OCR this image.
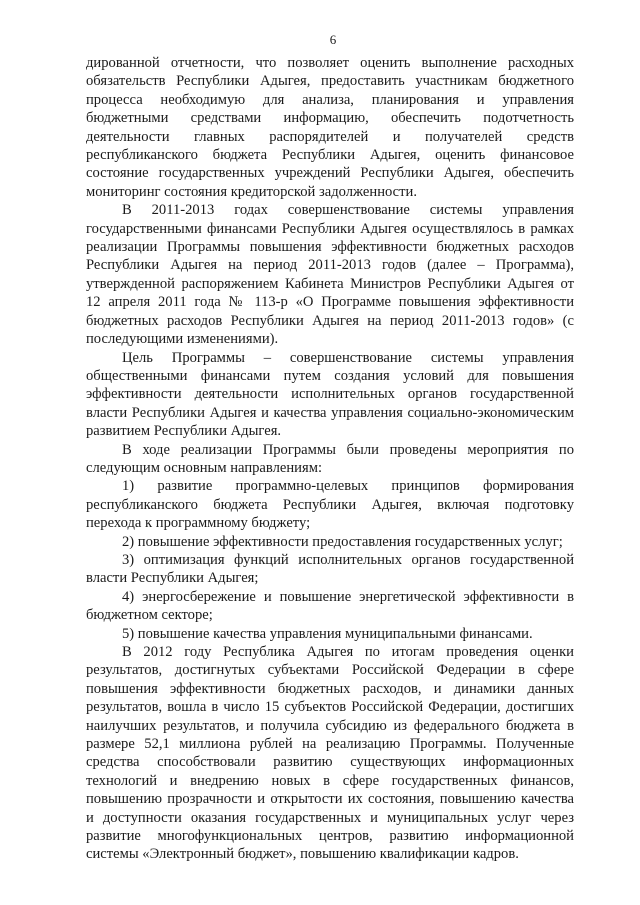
6

дированной отчетности, что позволяет оценить выполнение расходных обязательств Республики Адыгея, предоставить участникам бюджетного процесса необходимую для анализа, планирования и управления бюджетными средствами информацию, обеспечить подотчетность деятельности главных распорядителей и получателей средств республиканского бюджета Республики Адыгея, оценить финансовое состояние государственных учреждений Республики Адыгея, обеспечить мониторинг состояния кредиторской задолженности.

В 2011-2013 годах совершенствование системы управления государственными финансами Республики Адыгея осуществлялось в рамках реализации Программы повышения эффективности бюджетных расходов Республики Адыгея на период 2011-2013 годов (далее – Программа), утвержденной распоряжением Кабинета Министров Республики Адыгея от 12 апреля 2011 года № 113-р «О Программе повышения эффективности бюджетных расходов Республики Адыгея на период 2011-2013 годов» (с последующими изменениями).

Цель Программы – совершенствование системы управления общественными финансами путем создания условий для повышения эффективности деятельности исполнительных органов государственной власти Республики Адыгея и качества управления социально-экономическим развитием Республики Адыгея.

В ходе реализации Программы были проведены мероприятия по следующим основным направлениям:

1) развитие программно-целевых принципов формирования республиканского бюджета Республики Адыгея, включая подготовку перехода к программному бюджету;
2) повышение эффективности предоставления государственных услуг;
3) оптимизация функций исполнительных органов государственной власти Республики Адыгея;
4) энергосбережение и повышение энергетической эффективности в бюджетном секторе;
5) повышение качества управления муниципальными финансами.

В 2012 году Республика Адыгея по итогам проведения оценки результатов, достигнутых субъектами Российской Федерации в сфере повышения эффективности бюджетных расходов, и динамики данных результатов, вошла в число 15 субъектов Российской Федерации, достигших наилучших результатов, и получила субсидию из федерального бюджета в размере 52,1 миллиона рублей на реализацию Программы. Полученные средства способствовали развитию существующих информационных технологий и внедрению новых в сфере государственных финансов, повышению прозрачности и открытости их состояния, повышению качества и доступности оказания государственных и муниципальных услуг через развитие многофункциональных центров, развитию информационной системы «Электронный бюджет», повышению квалификации кадров.
